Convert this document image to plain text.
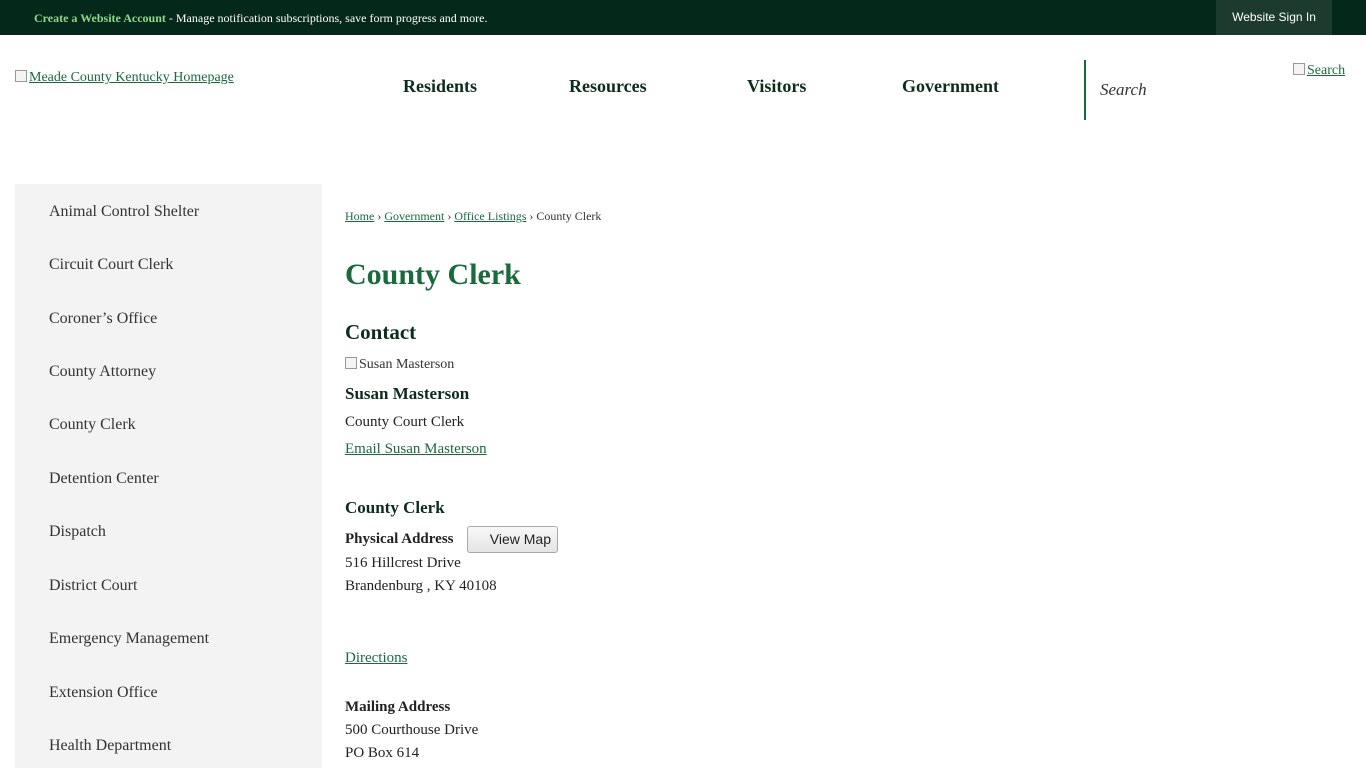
Create a Website Account - Manage notification subscriptions, save form progress and more.	Website Sign In
Meade County Kentucky Homepage	Residents	Resources	Visitors	Government	Search
Search
Animal Control Shelter
Circuit Court Clerk
Coroner’s Office
County Attorney
County Clerk
Detention Center
Dispatch
District Court
Emergency Management
Extension Office
Health Department
Home › Government › Office Listings › County Clerk
County Clerk
Contact
Susan Masterson
Susan Masterson
County Court Clerk
Email Susan Masterson
County Clerk
Physical Address	View Map
516 Hillcrest Drive
Brandenburg , KY 40108
Directions
Mailing Address
500 Courthouse Drive
PO Box 614
